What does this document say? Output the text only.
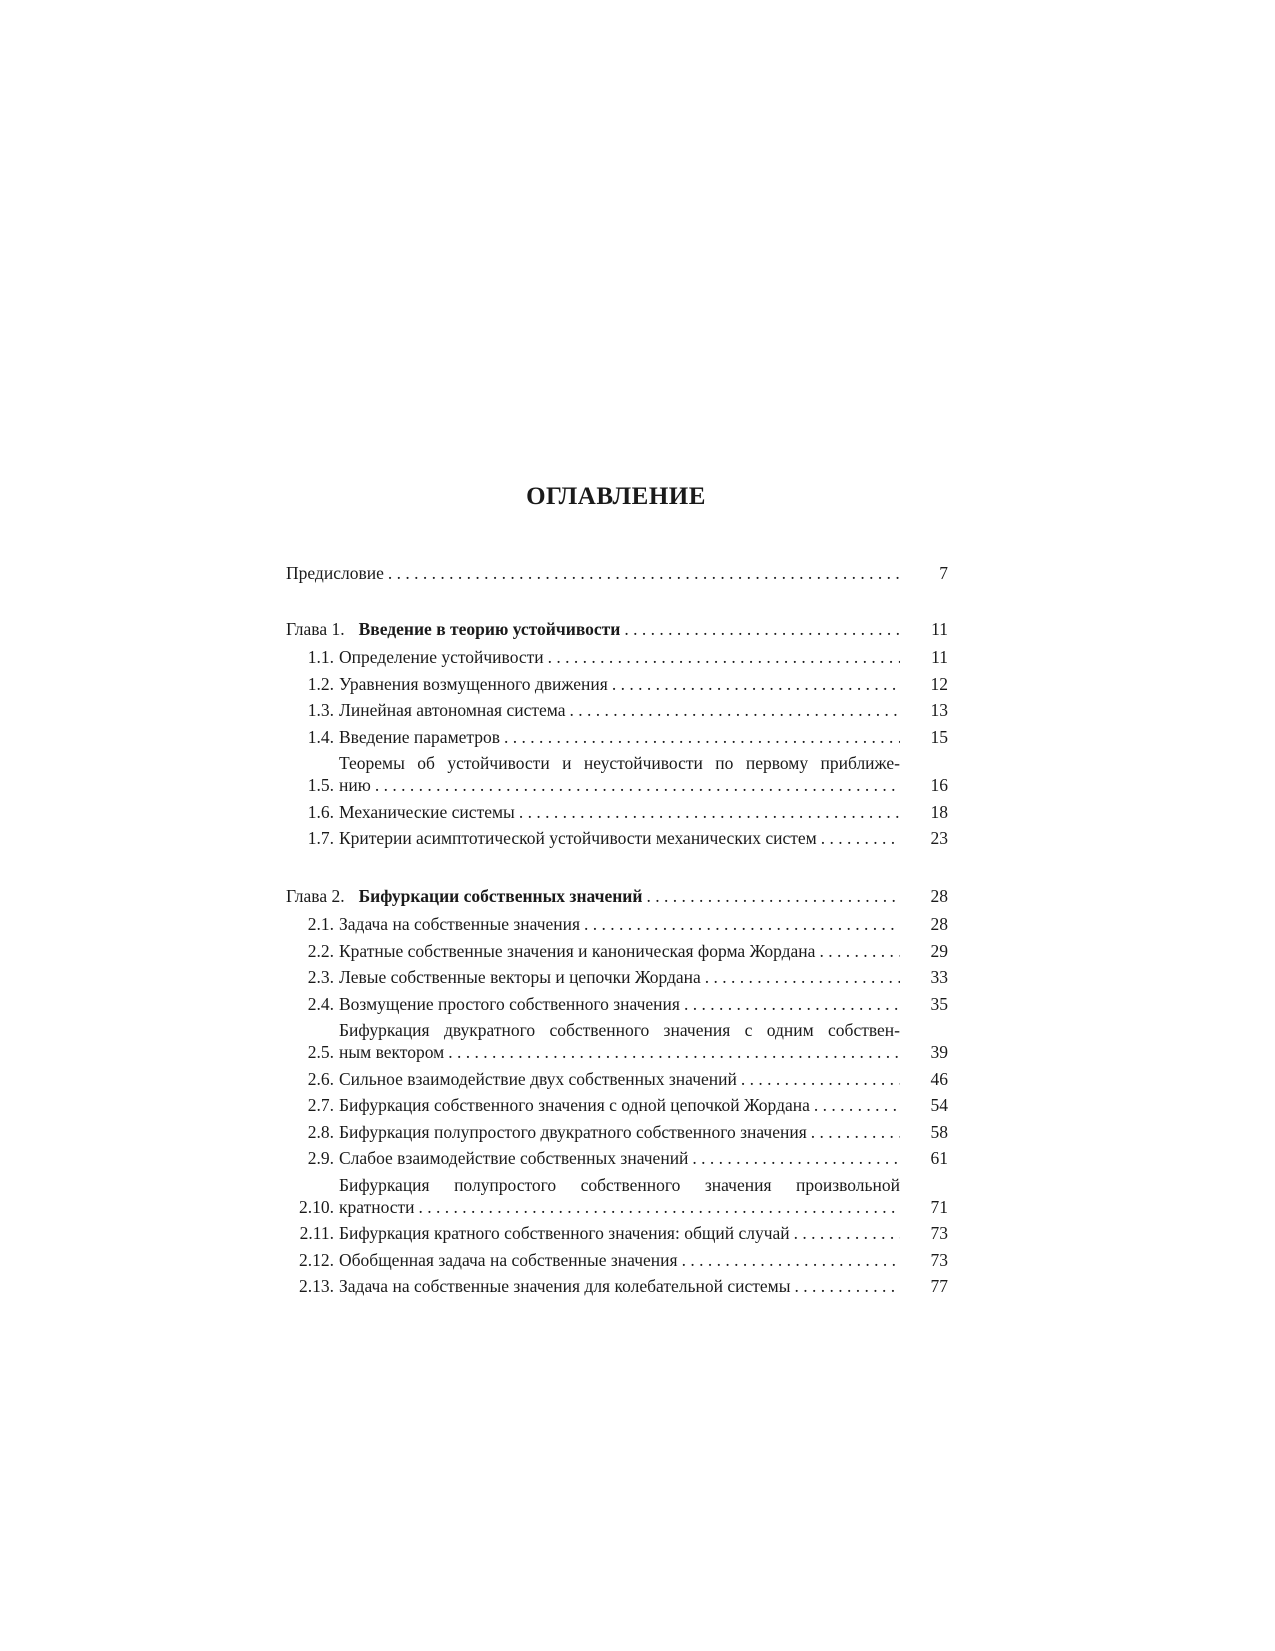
ОГЛАВЛЕНИЕ
Предисловие . . .	7
Глава 1. Введение в теорию устойчивости . . .	11
1.1. Определение устойчивости . . .	11
1.2. Уравнения возмущенного движения . . .	12
1.3. Линейная автономная система . . .	13
1.4. Введение параметров . . .	15
1.5.
Теоремы об устойчивости и неустойчивости по первому приближе-
нию . . .	16
1.6. Механические системы . . .	18
1.7. Критерии асимптотической устойчивости механических систем . . .	23
Глава 2. Бифуркации собственных значений . . .	28
2.1. Задача на собственные значения . . .	28
2.2. Кратные собственные значения и каноническая форма Жордана . . .	29
2.3. Левые собственные векторы и цепочки Жордана . . .	33
2.4. Возмущение простого собственного значения . . .	35
2.5.
Бифуркация двукратного собственного значения с одним собствен-
ным вектором . . .	39
2.6. Сильное взаимодействие двух собственных значений . . .	46
2.7. Бифуркация собственного значения с одной цепочкой Жордана . . .	54
2.8. Бифуркация полупростого двукратного собственного значения . . .	58
2.9. Слабое взаимодействие собственных значений . . .	61
2.10.
Бифуркация полупростого собственного значения произвольной
кратности . . .	71
2.11. Бифуркация кратного собственного значения: общий случай . . .	73
2.12. Обобщенная задача на собственные значения . . .	73
2.13. Задача на собственные значения для колебательной системы . . .	77
